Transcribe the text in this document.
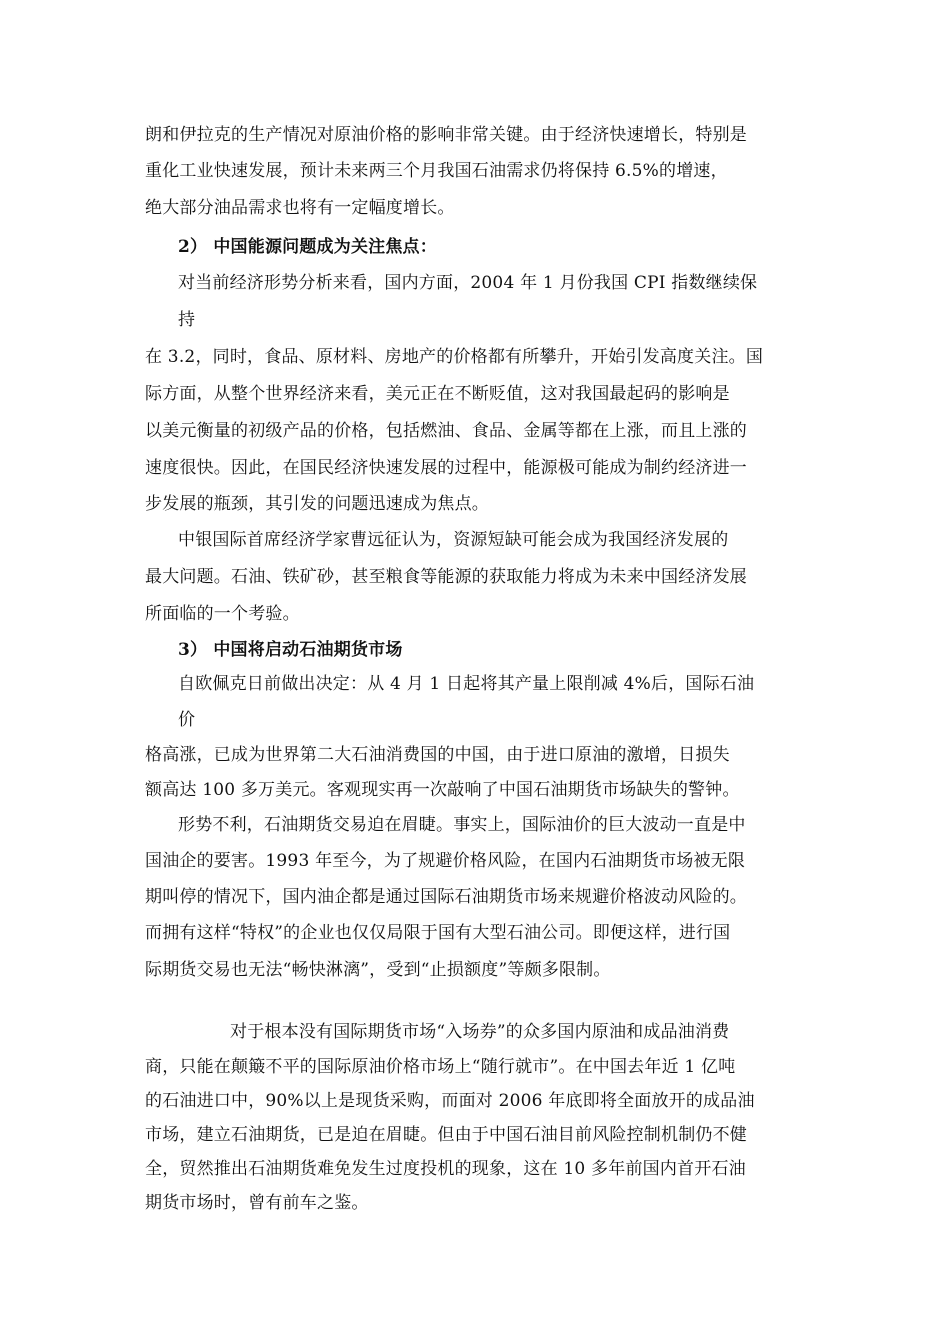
朗和伊拉克的生产情况对原油价格的影响非常关键。由于经济快速增长，特别是
重化工业快速发展，预计未来两三个月我国石油需求仍将保持 6.5%的增速，
绝大部分油品需求也将有一定幅度增长。
2） 中国能源问题成为关注焦点：
对当前经济形势分析来看，国内方面，2004 年 1 月份我国 CPI 指数继续保
持
在 3.2，同时，食品、原材料、房地产的价格都有所攀升，开始引发高度关注。国
际方面，从整个世界经济来看，美元正在不断贬值，这对我国最起码的影响是
以美元衡量的初级产品的价格，包括燃油、食品、金属等都在上涨，而且上涨的
速度很快。因此，在国民经济快速发展的过程中，能源极可能成为制约经济进一
步发展的瓶颈，其引发的问题迅速成为焦点。
中银国际首席经济学家曹远征认为，资源短缺可能会成为我国经济发展的
最大问题。石油、铁矿砂，甚至粮食等能源的获取能力将成为未来中国经济发展
所面临的一个考验。
3） 中国将启动石油期货市场
自欧佩克日前做出决定：从 4 月 1 日起将其产量上限削减 4%后，国际石油
价
格高涨，已成为世界第二大石油消费国的中国，由于进口原油的激增，日损失
额高达 100 多万美元。客观现实再一次敲响了中国石油期货市场缺失的警钟。
形势不利，石油期货交易迫在眉睫。事实上，国际油价的巨大波动一直是中
国油企的要害。1993 年至今，为了规避价格风险，在国内石油期货市场被无限
期叫停的情况下，国内油企都是通过国际石油期货市场来规避价格波动风险的。
而拥有这样“特权”的企业也仅仅局限于国有大型石油公司。即便这样，进行国
际期货交易也无法“畅快淋漓”，受到“止损额度”等颇多限制。
对于根本没有国际期货市场“入场券”的众多国内原油和成品油消费
商，只能在颠簸不平的国际原油价格市场上“随行就市”。在中国去年近 1 亿吨
的石油进口中，90%以上是现货采购，而面对 2006 年底即将全面放开的成品油
市场，建立石油期货，已是迫在眉睫。但由于中国石油目前风险控制机制仍不健
全，贸然推出石油期货难免发生过度投机的现象，这在 10 多年前国内首开石油
期货市场时，曾有前车之鉴。
